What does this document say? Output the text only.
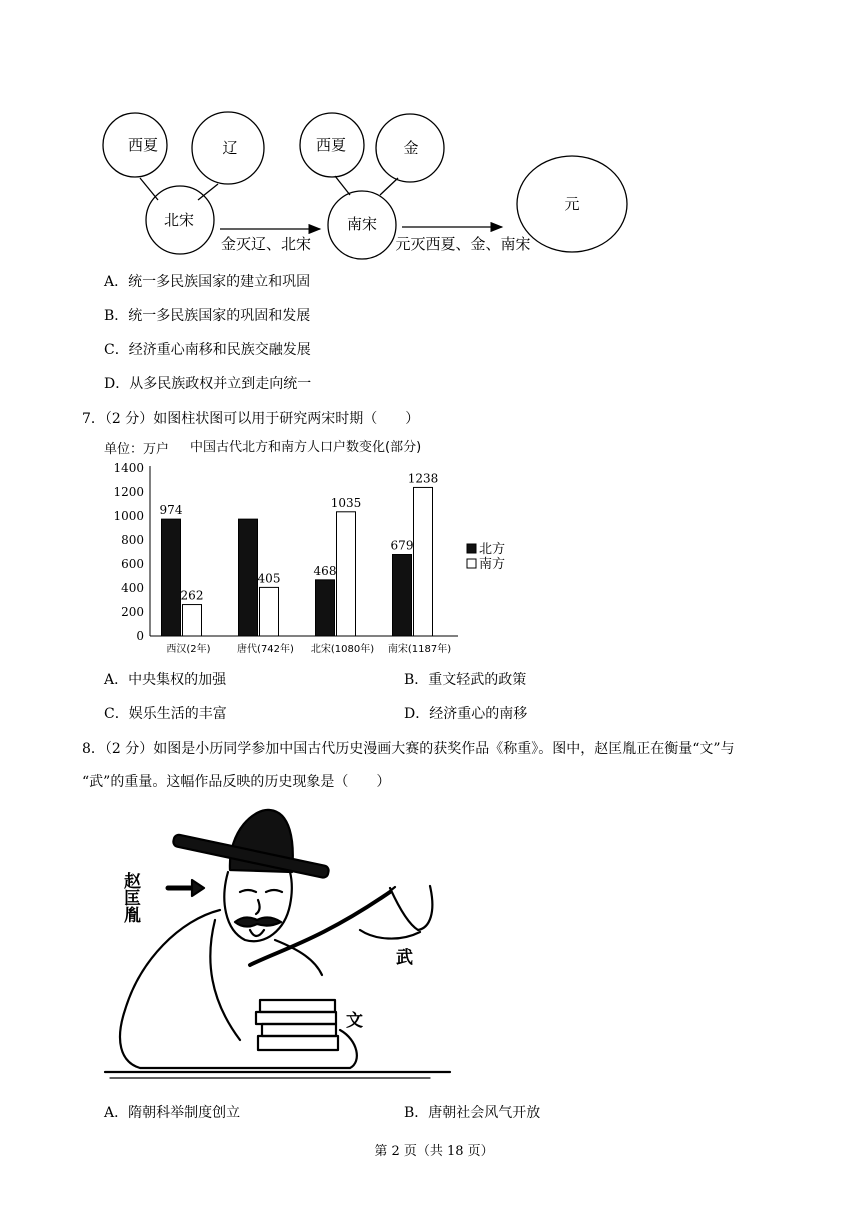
西夏	辽
北宋
西夏	金
南宋
元
金灭辽、北宋	元灭西夏、金、南宋
A．统一多民族国家的建立和巩固
B．统一多民族国家的巩固和发展
C．经济重心南移和民族交融发展
D．从多民族政权并立到走向统一
7．（2 分）如图柱状图可以用于研究两宋时期（　　）
单位：万户 中国古代北方和南方人口户数变化(部分)
1400
1200
1000
800
600
400
200
0
西汉(2年)	唐代(742年) 北宋(1080年) 南宋(1187年)
974
262
405
468
1035
679
1238
北方
南方
A．中央集权的加强	B．重文轻武的政策
C．娱乐生活的丰富	D．经济重心的南移
8．（2 分）如图是小历同学参加中国古代历史漫画大赛的获奖作品《称重》。图中，赵匡胤正在衡量“文”与
“武”的重量。这幅作品反映的历史现象是（　　）
赵匡胤
武
文
A．隋朝科举制度创立	B．唐朝社会风气开放
第 2 页（共 18 页）
